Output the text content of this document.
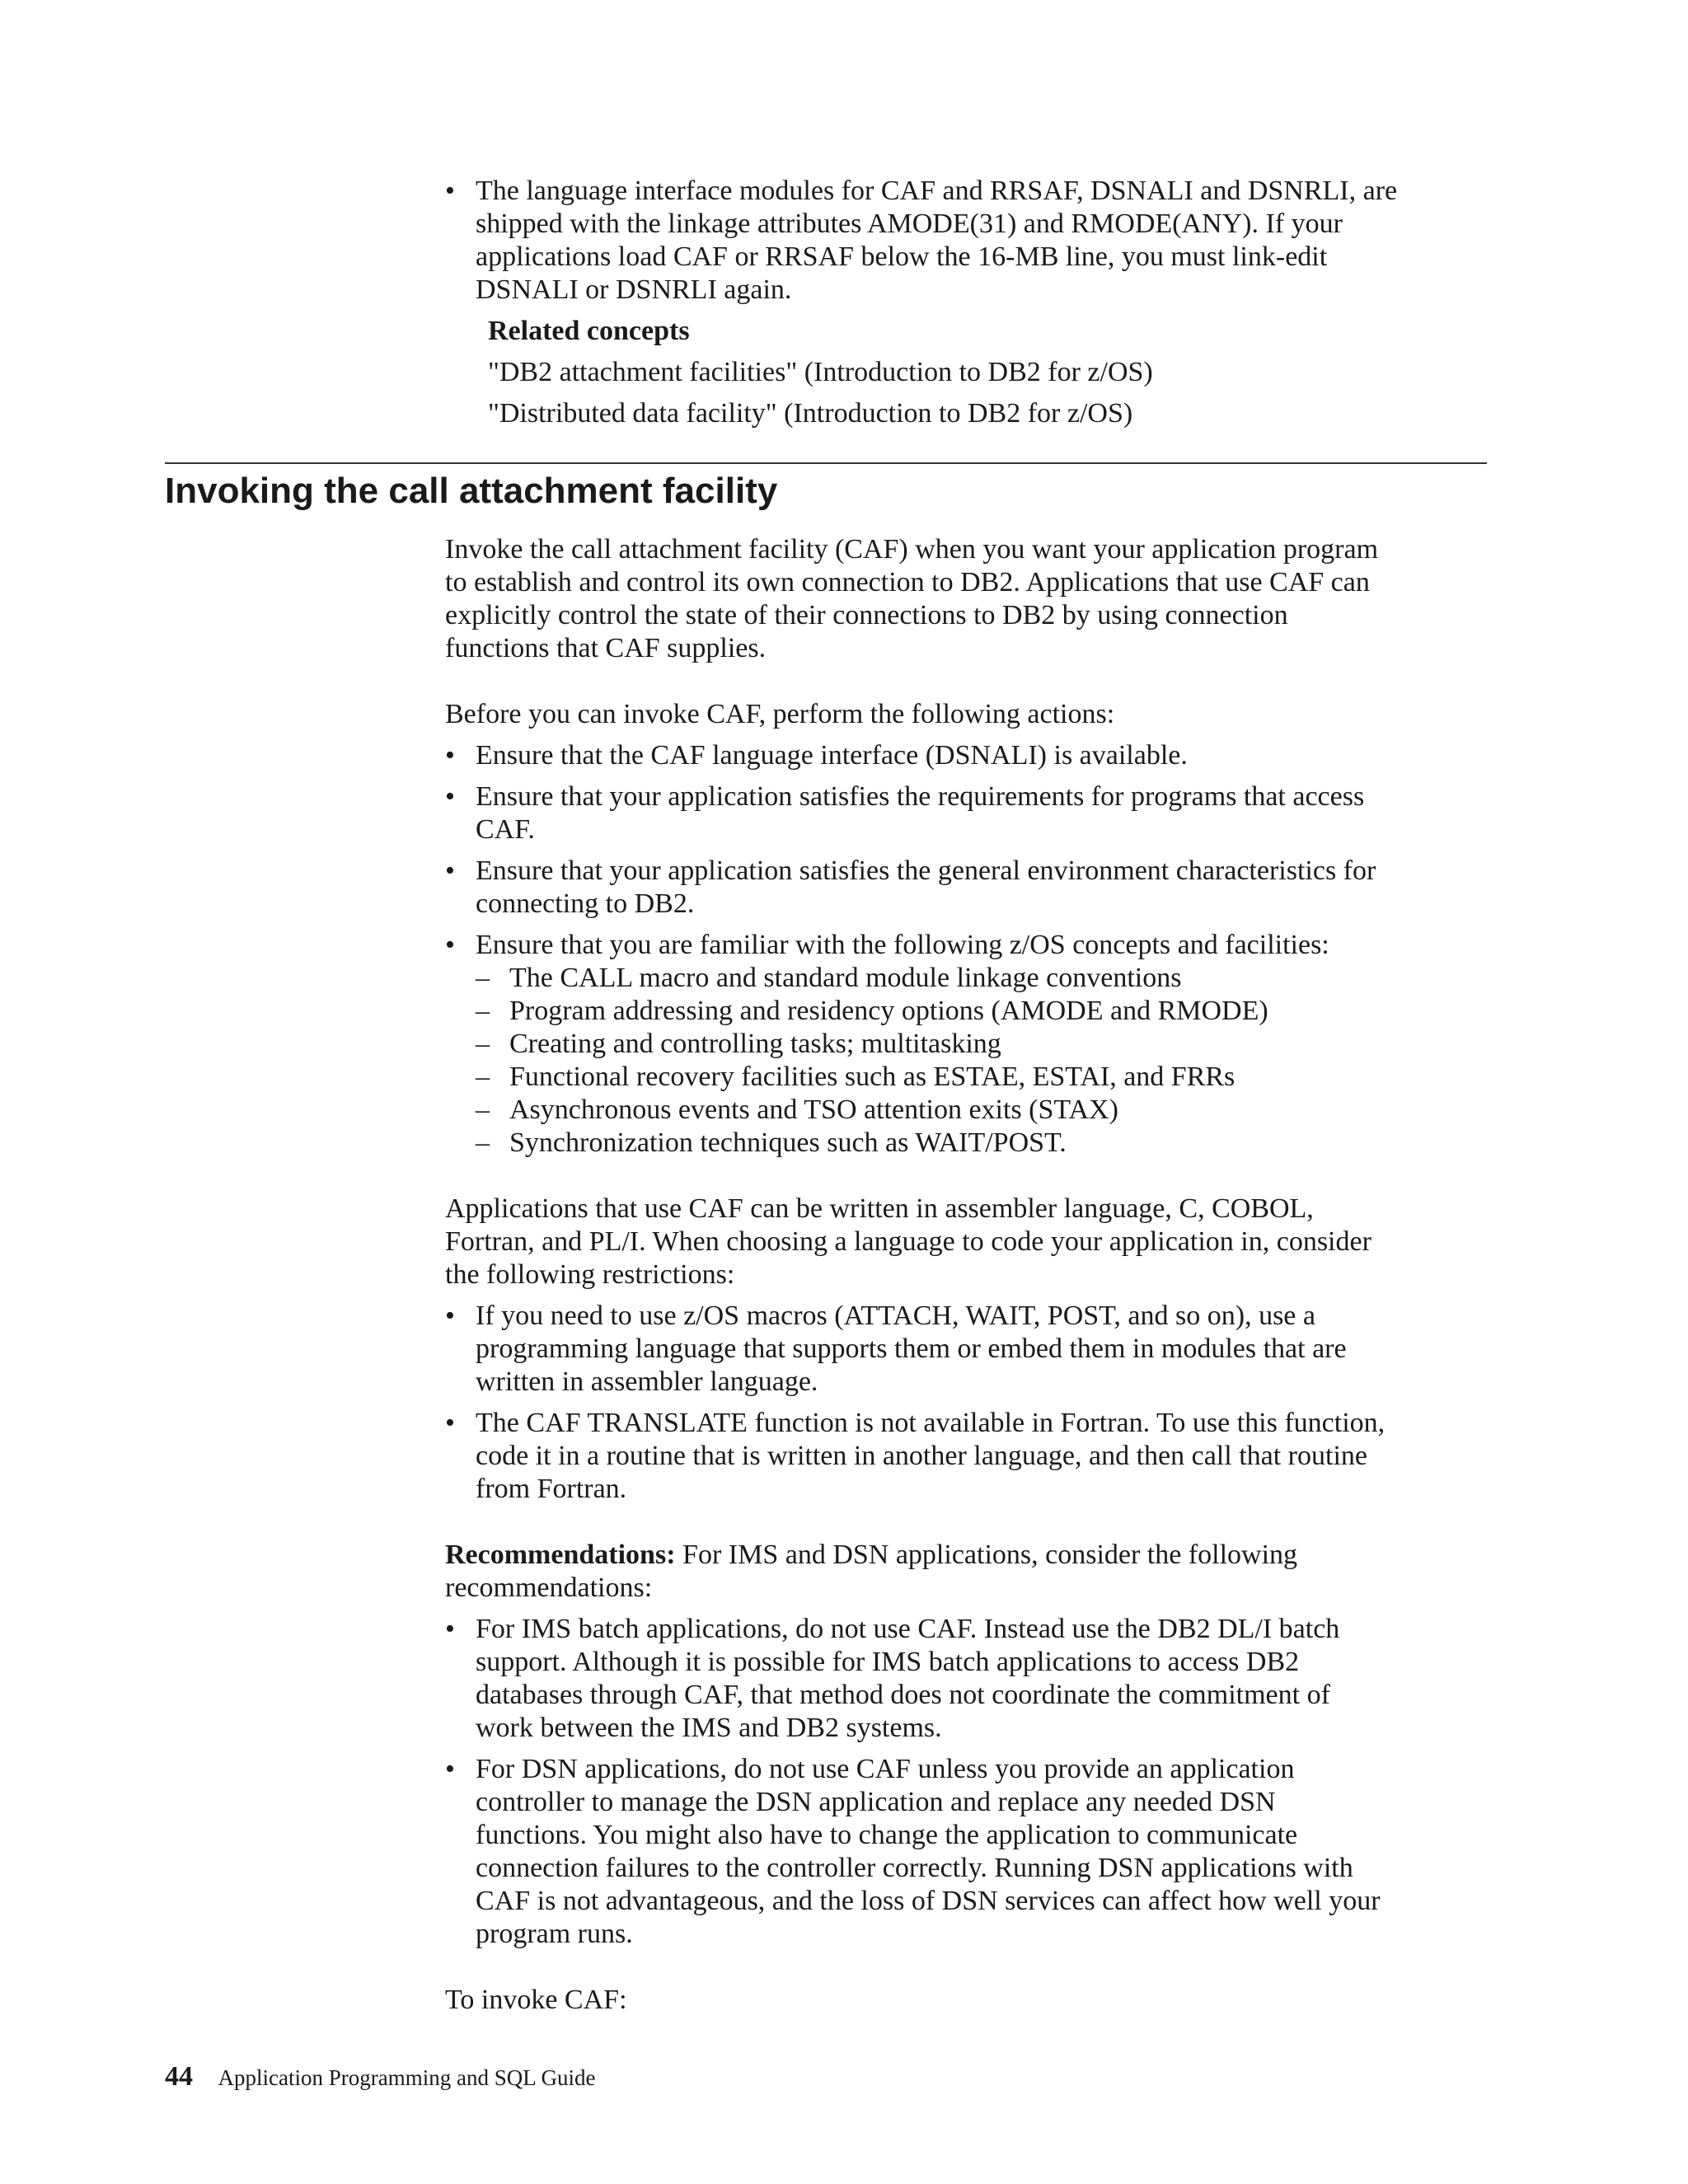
• The language interface modules for CAF and RRSAF, DSNALI and DSNRLI, are

shipped with the linkage attributes AMODE(31) and RMODE(ANY). If your

applications load CAF or RRSAF below the 16-MB line, you must link-edit

DSNALI or DSNRLI again.

Related concepts

"DB2 attachment facilities" (Introduction to DB2 for z/OS)

"Distributed data facility" (Introduction to DB2 for z/OS)

Invoking the call attachment facility

Invoke the call attachment facility (CAF) when you want your application program

to establish and control its own connection to DB2. Applications that use CAF can

explicitly control the state of their connections to DB2 by using connection

functions that CAF supplies.

Before you can invoke CAF, perform the following actions:

• Ensure that the CAF language interface (DSNALI) is available.

• Ensure that your application satisfies the requirements for programs that access

CAF.

• Ensure that your application satisfies the general environment characteristics for

connecting to DB2.

• Ensure that you are familiar with the following z/OS concepts and facilities:

– The CALL macro and standard module linkage conventions

– Program addressing and residency options (AMODE and RMODE)

– Creating and controlling tasks; multitasking

– Functional recovery facilities such as ESTAE, ESTAI, and FRRs

– Asynchronous events and TSO attention exits (STAX)

– Synchronization techniques such as WAIT/POST.

Applications that use CAF can be written in assembler language, C, COBOL,

Fortran, and PL/I. When choosing a language to code your application in, consider

the following restrictions:

• If you need to use z/OS macros (ATTACH, WAIT, POST, and so on), use a

programming language that supports them or embed them in modules that are

written in assembler language.

• The CAF TRANSLATE function is not available in Fortran. To use this function,

code it in a routine that is written in another language, and then call that routine

from Fortran.

Recommendations: For IMS and DSN applications, consider the following

recommendations:

• For IMS batch applications, do not use CAF. Instead use the DB2 DL/I batch

support. Although it is possible for IMS batch applications to access DB2

databases through CAF, that method does not coordinate the commitment of

work between the IMS and DB2 systems.

• For DSN applications, do not use CAF unless you provide an application

controller to manage the DSN application and replace any needed DSN

functions. You might also have to change the application to communicate

connection failures to the controller correctly. Running DSN applications with

CAF is not advantageous, and the loss of DSN services can affect how well your

program runs.

To invoke CAF:

44 Application Programming and SQL Guide
